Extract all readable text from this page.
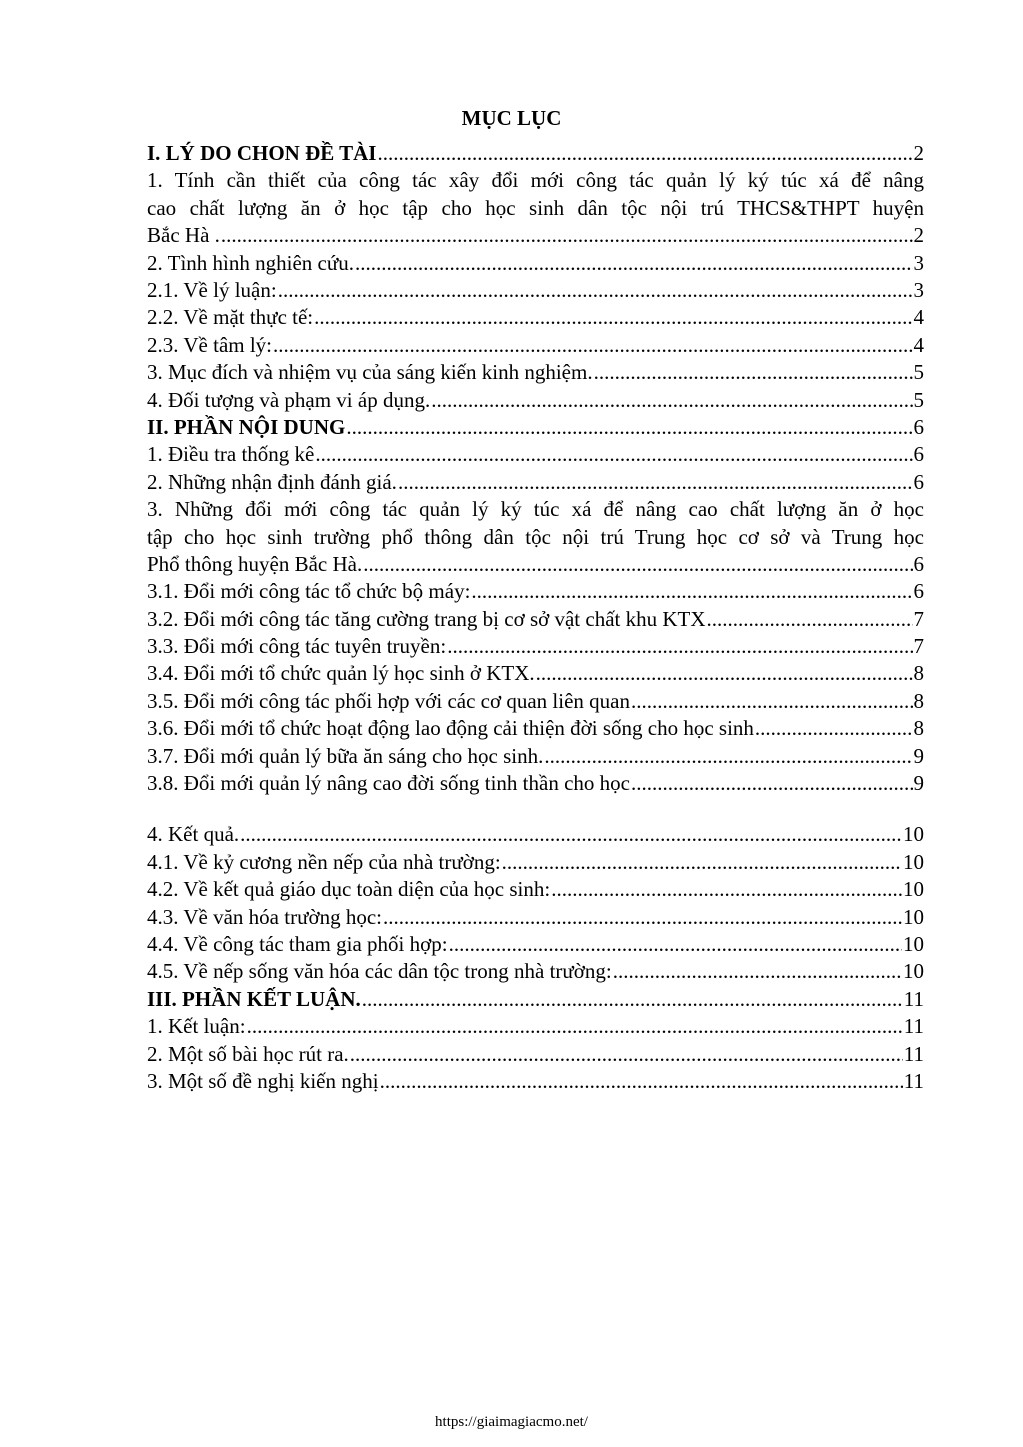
MỤC LỤC
I. LÝ DO CHON ĐỀ TÀI .....	2
1. Tính cần thiết của công tác xây đổi mới công tác quản lý ký túc xá để nâng
cao chất lượng ăn ở học tập cho học sinh dân tộc nội trú THCS&THPT huyện
Bắc Hà . .....	2
2. Tình hình nghiên cứu. .....	3
2.1. Về lý luận: .....	3
2.2. Về mặt thực tế: .....	4
2.3. Về tâm lý: .....	4
3. Mục đích và nhiệm vụ của sáng kiến kinh nghiệm. .....	5
4. Đối tượng và phạm vi áp dụng. .....	5
II. PHẦN NỘI DUNG .....	6
1. Điều tra thống kê .....	6
2. Những nhận định đánh giá. .....	6
3. Những đổi mới công tác quản lý ký túc xá để nâng cao chất lượng ăn ở học
tập cho học sinh trường phổ thông dân tộc nội trú Trung học cơ sở và Trung học
Phổ thông huyện Bắc Hà. .....	6
3.1. Đổi mới công tác tổ chức bộ máy: .....	6
3.2. Đổi mới công tác tăng cường trang bị cơ sở vật chất khu KTX .....	7
3.3. Đổi mới công tác tuyên truyền: .....	7
3.4. Đổi mới tổ chức quản lý học sinh ở KTX. .....	8
3.5. Đổi mới công tác phối hợp với các cơ quan liên quan .....	8
3.6. Đổi mới tổ chức hoạt động lao động cải thiện đời sống cho học sinh .....	8
3.7. Đổi mới quản lý bữa ăn sáng cho học sinh. .....	9
3.8. Đổi mới quản lý nâng cao đời sống tinh thần cho học .....	9
4. Kết quả. .....	10
4.1. Về kỷ cương nền nếp của nhà trường: .....	10
4.2. Về kết quả giáo dục toàn diện của học sinh: .....	10
4.3. Về văn hóa trường học: .....	10
4.4. Về công tác tham gia phối hợp: .....	10
4.5. Về nếp sống văn hóa các dân tộc trong nhà trường: .....	10
III. PHẦN KẾT LUẬN. .....	11
1. Kết luận: .....	11
2. Một số bài học rút ra. .....	11
3. Một số đề nghị kiến nghị .....	11
https://giaimagiacmo.net/
